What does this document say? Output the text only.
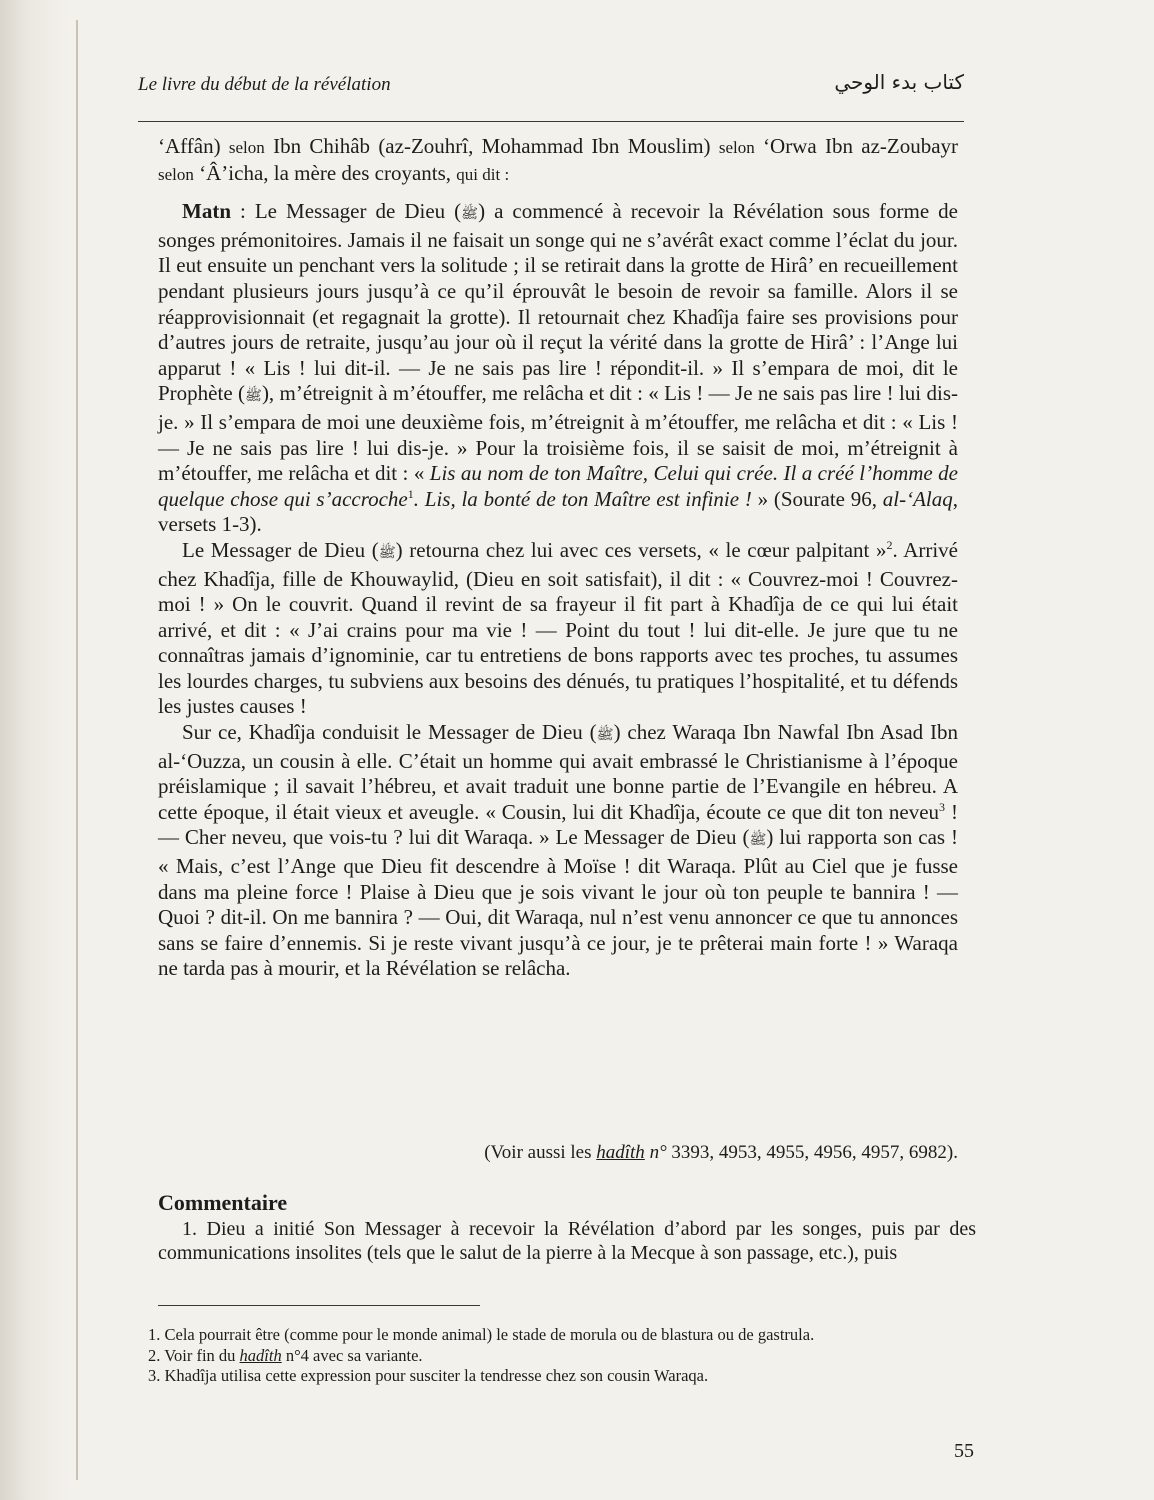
Le livre du début de la révélation	كتاب بدء الوحي

‘Affân) selon Ibn Chihâb (az-Zouhrî, Mohammad Ibn Mouslim) selon ‘Orwa Ibn az-Zoubayr selon ‘Â’icha, la mère des croyants, qui dit :

Matn : Le Messager de Dieu (ﷺ) a commencé à recevoir la Révélation sous forme de songes prémonitoires. Jamais il ne faisait un songe qui ne s’avérât exact comme l’éclat du jour. Il eut ensuite un penchant vers la solitude ; il se retirait dans la grotte de Hirâ’ en recueillement pendant plusieurs jours jusqu’à ce qu’il éprouvât le besoin de revoir sa famille. Alors il se réapprovisionnait (et regagnait la grotte). Il retournait chez Khadîja faire ses provisions pour d’autres jours de retraite, jusqu’au jour où il reçut la vérité dans la grotte de Hirâ’ : l’Ange lui apparut ! « Lis ! lui dit-il. — Je ne sais pas lire ! répondit-il. » Il s’empara de moi, dit le Prophète (ﷺ), m’étreignit à m’étouffer, me relâcha et dit : « Lis ! — Je ne sais pas lire ! lui dis-je. » Il s’empara de moi une deuxième fois, m’étreignit à m’étouffer, me relâcha et dit : « Lis ! — Je ne sais pas lire ! lui dis-je. » Pour la troisième fois, il se saisit de moi, m’étreignit à m’étouffer, me relâcha et dit : « Lis au nom de ton Maître, Celui qui crée. Il a créé l’homme de quelque chose qui s’accroche$^1$. Lis, la bonté de ton Maître est infinie ! » (Sourate 96, al-‘Alaq, versets 1-3).

Le Messager de Dieu (ﷺ) retourna chez lui avec ces versets, « le cœur palpitant »$^2$. Arrivé chez Khadîja, fille de Khouwaylid, (Dieu en soit satisfait), il dit : « Couvrez-moi ! Couvrez-moi ! » On le couvrit. Quand il revint de sa frayeur il fit part à Khadîja de ce qui lui était arrivé, et dit : « J’ai crains pour ma vie ! — Point du tout ! lui dit-elle. Je jure que tu ne connaîtras jamais d’ignominie, car tu entretiens de bons rapports avec tes proches, tu assumes les lourdes charges, tu subviens aux besoins des dénués, tu pratiques l’hospitalité, et tu défends les justes causes !

Sur ce, Khadîja conduisit le Messager de Dieu (ﷺ) chez Waraqa Ibn Nawfal Ibn Asad Ibn al-‘Ouzza, un cousin à elle. C’était un homme qui avait embrassé le Christianisme à l’époque préislamique ; il savait l’hébreu, et avait traduit une bonne partie de l’Evangile en hébreu. A cette époque, il était vieux et aveugle. « Cousin, lui dit Khadîja, écoute ce que dit ton neveu$^3$ ! — Cher neveu, que vois-tu ? lui dit Waraqa. » Le Messager de Dieu (ﷺ) lui rapporta son cas ! « Mais, c’est l’Ange que Dieu fit descendre à Moïse ! dit Waraqa. Plût au Ciel que je fusse dans ma pleine force ! Plaise à Dieu que je sois vivant le jour où ton peuple te bannira ! — Quoi ? dit-il. On me bannira ? — Oui, dit Waraqa, nul n’est venu annoncer ce que tu annonces sans se faire d’ennemis. Si je reste vivant jusqu’à ce jour, je te prêterai main forte ! » Waraqa ne tarda pas à mourir, et la Révélation se relâcha.

(Voir aussi les hadîth n° 3393, 4953, 4955, 4956, 4957, 6982).
Commentaire

1. Dieu a initié Son Messager à recevoir la Révélation d’abord par les songes, puis par des communications insolites (tels que le salut de la pierre à la Mecque à son passage, etc.), puis

1. Cela pourrait être (comme pour le monde animal) le stade de morula ou de blastura ou de gastrula.

2. Voir fin du hadîth n°4 avec sa variante.

3. Khadîja utilisa cette expression pour susciter la tendresse chez son cousin Waraqa.

55
